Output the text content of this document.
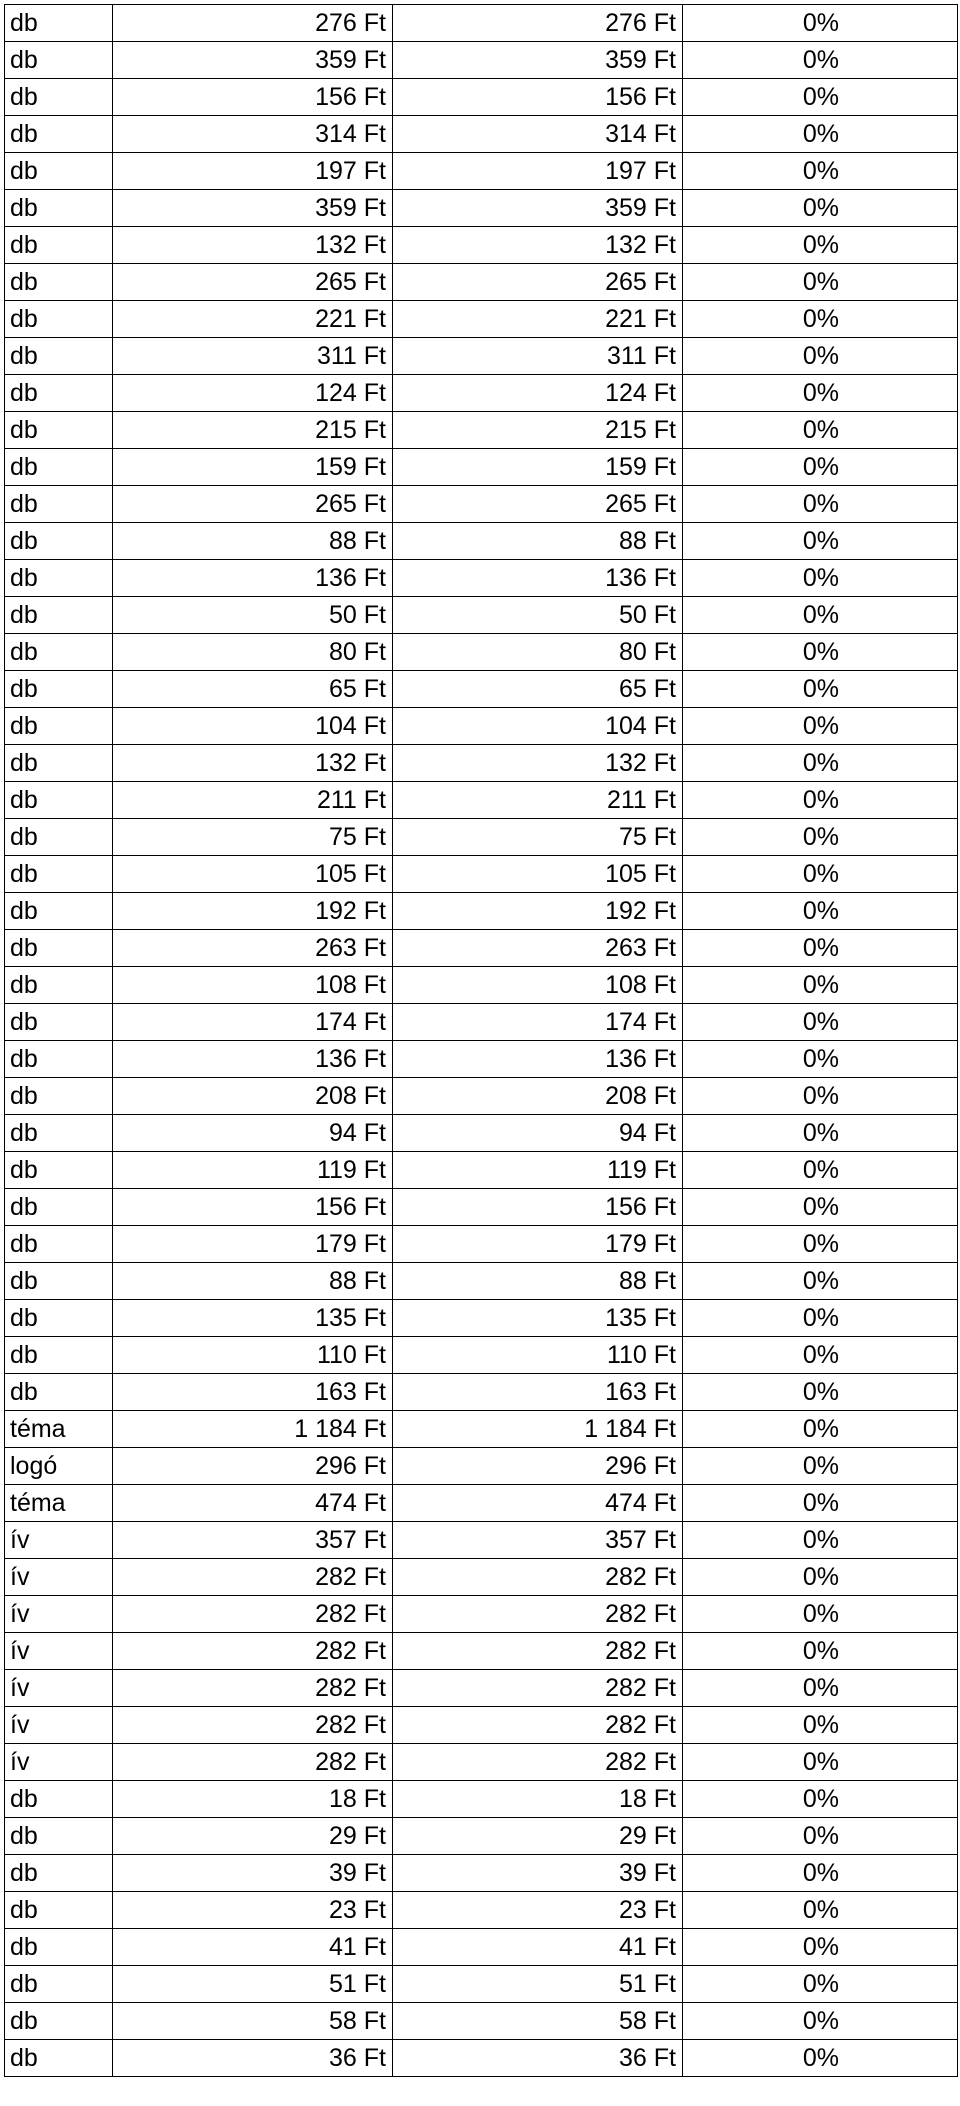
db	276 Ft	276 Ft	0%
db	359 Ft	359 Ft	0%
db	156 Ft	156 Ft	0%
db	314 Ft	314 Ft	0%
db	197 Ft	197 Ft	0%
db	359 Ft	359 Ft	0%
db	132 Ft	132 Ft	0%
db	265 Ft	265 Ft	0%
db	221 Ft	221 Ft	0%
db	311 Ft	311 Ft	0%
db	124 Ft	124 Ft	0%
db	215 Ft	215 Ft	0%
db	159 Ft	159 Ft	0%
db	265 Ft	265 Ft	0%
db	88 Ft	88 Ft	0%
db	136 Ft	136 Ft	0%
db	50 Ft	50 Ft	0%
db	80 Ft	80 Ft	0%
db	65 Ft	65 Ft	0%
db	104 Ft	104 Ft	0%
db	132 Ft	132 Ft	0%
db	211 Ft	211 Ft	0%
db	75 Ft	75 Ft	0%
db	105 Ft	105 Ft	0%
db	192 Ft	192 Ft	0%
db	263 Ft	263 Ft	0%
db	108 Ft	108 Ft	0%
db	174 Ft	174 Ft	0%
db	136 Ft	136 Ft	0%
db	208 Ft	208 Ft	0%
db	94 Ft	94 Ft	0%
db	119 Ft	119 Ft	0%
db	156 Ft	156 Ft	0%
db	179 Ft	179 Ft	0%
db	88 Ft	88 Ft	0%
db	135 Ft	135 Ft	0%
db	110 Ft	110 Ft	0%
db	163 Ft	163 Ft	0%
téma	1 184 Ft	1 184 Ft	0%
logó	296 Ft	296 Ft	0%
téma	474 Ft	474 Ft	0%
ív	357 Ft	357 Ft	0%
ív	282 Ft	282 Ft	0%
ív	282 Ft	282 Ft	0%
ív	282 Ft	282 Ft	0%
ív	282 Ft	282 Ft	0%
ív	282 Ft	282 Ft	0%
ív	282 Ft	282 Ft	0%
db	18 Ft	18 Ft	0%
db	29 Ft	29 Ft	0%
db	39 Ft	39 Ft	0%
db	23 Ft	23 Ft	0%
db	41 Ft	41 Ft	0%
db	51 Ft	51 Ft	0%
db	58 Ft	58 Ft	0%
db	36 Ft	36 Ft	0%
